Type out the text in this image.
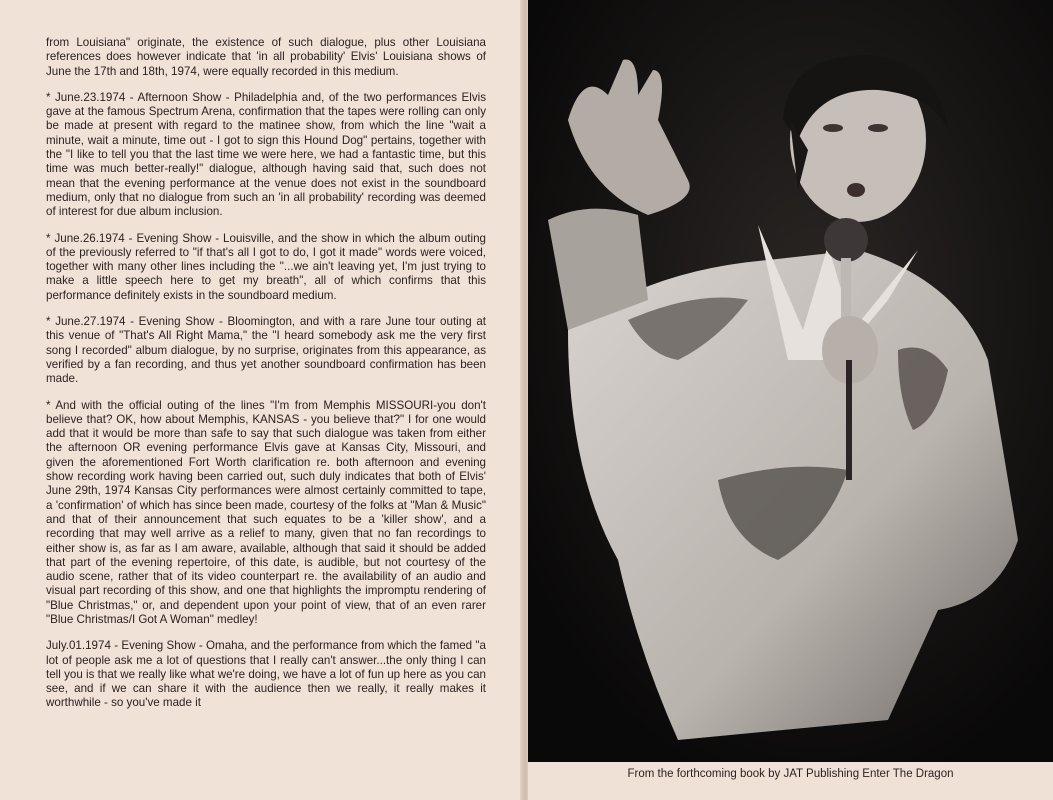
from Louisiana" originate, the existence of such dialogue, plus other Louisiana references does however indicate that 'in all probability' Elvis' Louisiana shows of June the 17th and 18th, 1974, were equally recorded in this medium.

* June.23.1974 - Afternoon Show - Philadelphia and, of the two performances Elvis gave at the famous Spectrum Arena, confirmation that the tapes were rolling can only be made at present with regard to the matinee show, from which the line "wait a minute, wait a minute, time out - I got to sign this Hound Dog" pertains, together with the "I like to tell you that the last time we were here, we had a fantastic time, but this time was much better-really!" dialogue, although having said that, such does not mean that the evening performance at the venue does not exist in the soundboard medium, only that no dialogue from such an 'in all probability' recording was deemed of interest for due album inclusion.

* June.26.1974 - Evening Show - Louisville, and the show in which the album outing of the previously referred to "if that's all I got to do, I got it made" words were voiced, together with many other lines including the "...we ain't leaving yet, I'm just trying to make a little speech here to get my breath", all of which confirms that this performance definitely exists in the soundboard medium.

* June.27.1974 - Evening Show - Bloomington, and with a rare June tour outing at this venue of "That's All Right Mama," the "I heard somebody ask me the very first song I recorded" album dialogue, by no surprise, originates from this appearance, as verified by a fan recording, and thus yet another soundboard confirmation has been made.

* And with the official outing of the lines "I'm from Memphis MISSOURI-you don't believe that? OK, how about Memphis, KANSAS - you believe that?" I for one would add that it would be more than safe to say that such dialogue was taken from either the afternoon OR evening performance Elvis gave at Kansas City, Missouri, and given the aforementioned Fort Worth clarification re. both afternoon and evening show recording work having been carried out, such duly indicates that both of Elvis' June 29th, 1974 Kansas City performances were almost certainly committed to tape, a 'confirmation' of which has since been made, courtesy of the folks at "Man & Music" and that of their announcement that such equates to be a 'killer show', and a recording that may well arrive as a relief to many, given that no fan recordings to either show is, as far as I am aware, available, although that said it should be added that part of the evening repertoire, of this date, is audible, but not courtesy of the audio scene, rather that of its video counterpart re. the availability of an audio and visual part recording of this show, and one that highlights the impromptu rendering of "Blue Christmas," or, and dependent upon your point of view, that of an even rarer "Blue Christmas/I Got A Woman" medley!

July.01.1974 - Evening Show - Omaha, and the performance from which the famed "a lot of people ask me a lot of questions that I really can't answer...the only thing I can tell you is that we really like what we're doing, we have a lot of fun up here as you can see, and if we can share it with the audience then we really, it really makes it worthwhile - so you've made it

From the forthcoming book by JAT Publishing Enter The Dragon
